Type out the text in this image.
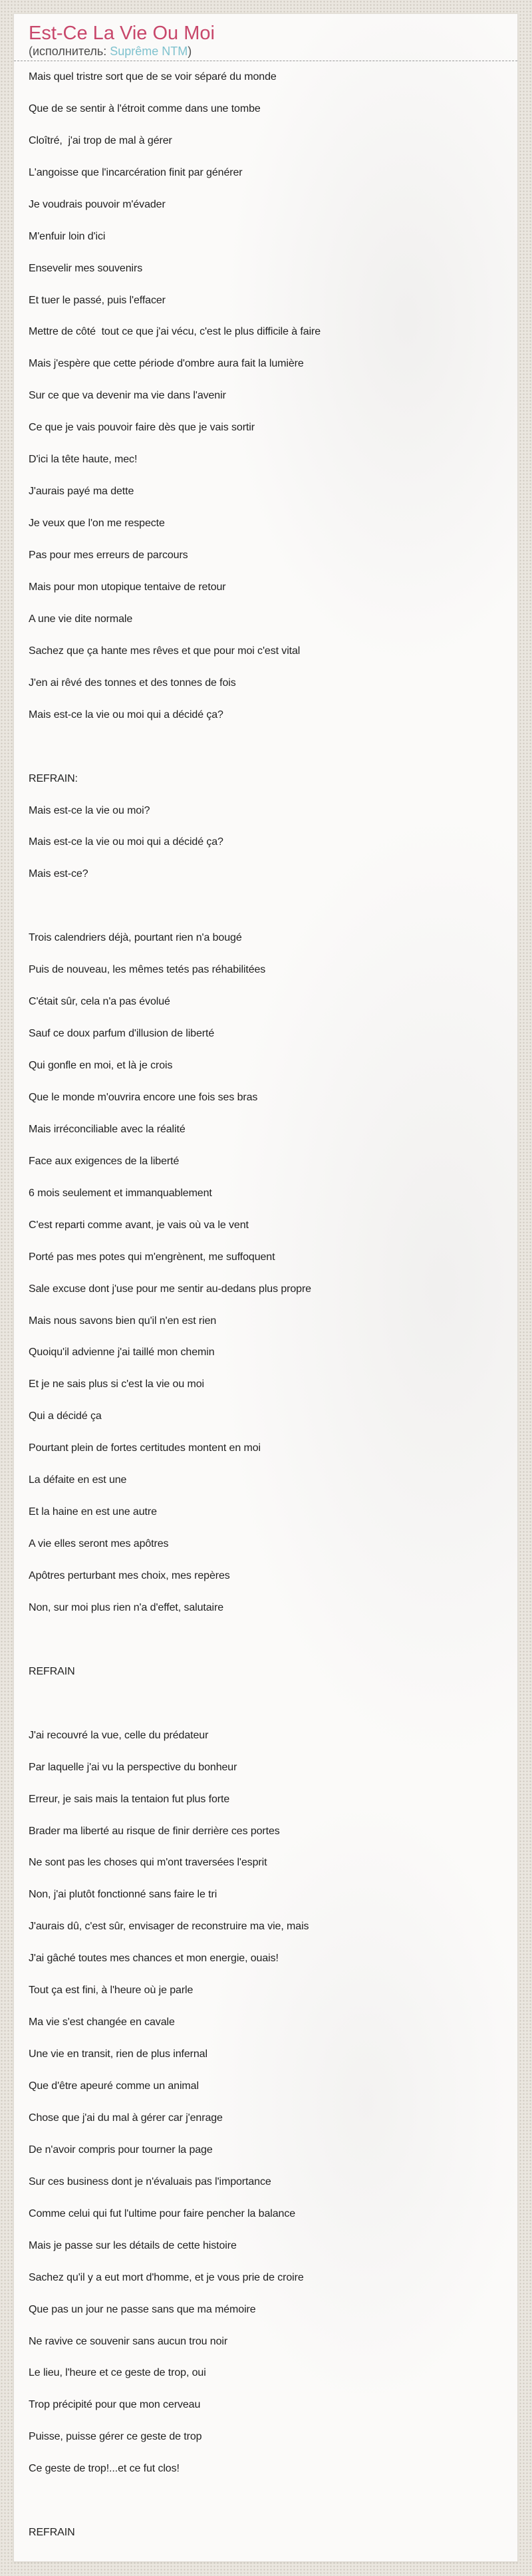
Est-Ce La Vie Ou Moi
(исполнитель: Suprême NTM)
Mais quel tristre sort que de se voir séparé du monde
Que de se sentir à l'étroit comme dans une tombe
Cloîtré,  j'ai trop de mal à gérer
L'angoisse que l'incarcération finit par générer
Je voudrais pouvoir m'évader
M'enfuir loin d'ici
Ensevelir mes souvenirs
Et tuer le passé, puis l'effacer
Mettre de côté  tout ce que j'ai vécu, c'est le plus difficile à faire
Mais j'espère que cette période d'ombre aura fait la lumière
Sur ce que va devenir ma vie dans l'avenir
Ce que je vais pouvoir faire dès que je vais sortir
D'ici la tête haute, mec!
J'aurais payé ma dette
Je veux que l'on me respecte
Pas pour mes erreurs de parcours
Mais pour mon utopique tentaive de retour
A une vie dite normale
Sachez que ça hante mes rêves et que pour moi c'est vital
J'en ai rêvé des tonnes et des tonnes de fois
Mais est-ce la vie ou moi qui a décidé ça?
REFRAIN:
Mais est-ce la vie ou moi?
Mais est-ce la vie ou moi qui a décidé ça?
Mais est-ce?
Trois calendriers déjà, pourtant rien n'a bougé
Puis de nouveau, les mêmes tetés pas réhabilitées
C'était sûr, cela n'a pas évolué
Sauf ce doux parfum d'illusion de liberté
Qui gonfle en moi, et là je crois
Que le monde m'ouvrira encore une fois ses bras
Mais irréconciliable avec la réalité
Face aux exigences de la liberté
6 mois seulement et immanquablement
C'est reparti comme avant, je vais où va le vent
Porté pas mes potes qui m'engrènent, me suffoquent
Sale excuse dont j'use pour me sentir au-dedans plus propre
Mais nous savons bien qu'il n'en est rien
Quoiqu'il advienne j'ai taillé mon chemin
Et je ne sais plus si c'est la vie ou moi
Qui a décidé ça
Pourtant plein de fortes certitudes montent en moi
La défaite en est une
Et la haine en est une autre
A vie elles seront mes apôtres
Apôtres perturbant mes choix, mes repères
Non, sur moi plus rien n'a d'effet, salutaire
REFRAIN
J'ai recouvré la vue, celle du prédateur
Par laquelle j'ai vu la perspective du bonheur
Erreur, je sais mais la tentaion fut plus forte
Brader ma liberté au risque de finir derrière ces portes
Ne sont pas les choses qui m'ont traversées l'esprit
Non, j'ai plutôt fonctionné sans faire le tri
J'aurais dû, c'est sûr, envisager de reconstruire ma vie, mais
J'ai gâché toutes mes chances et mon energie, ouais!
Tout ça est fini, à l'heure où je parle
Ma vie s'est changée en cavale
Une vie en transit, rien de plus infernal
Que d'être apeuré comme un animal
Chose que j'ai du mal à gérer car j'enrage
De n'avoir compris pour tourner la page
Sur ces business dont je n'évaluais pas l'importance
Comme celui qui fut l'ultime pour faire pencher la balance
Mais je passe sur les détails de cette histoire
Sachez qu'il y a eut mort d'homme, et je vous prie de croire
Que pas un jour ne passe sans que ma mémoire
Ne ravive ce souvenir sans aucun trou noir
Le lieu, l'heure et ce geste de trop, oui
Trop précipité pour que mon cerveau
Puisse, puisse gérer ce geste de trop
Ce geste de trop!...et ce fut clos!
REFRAIN
